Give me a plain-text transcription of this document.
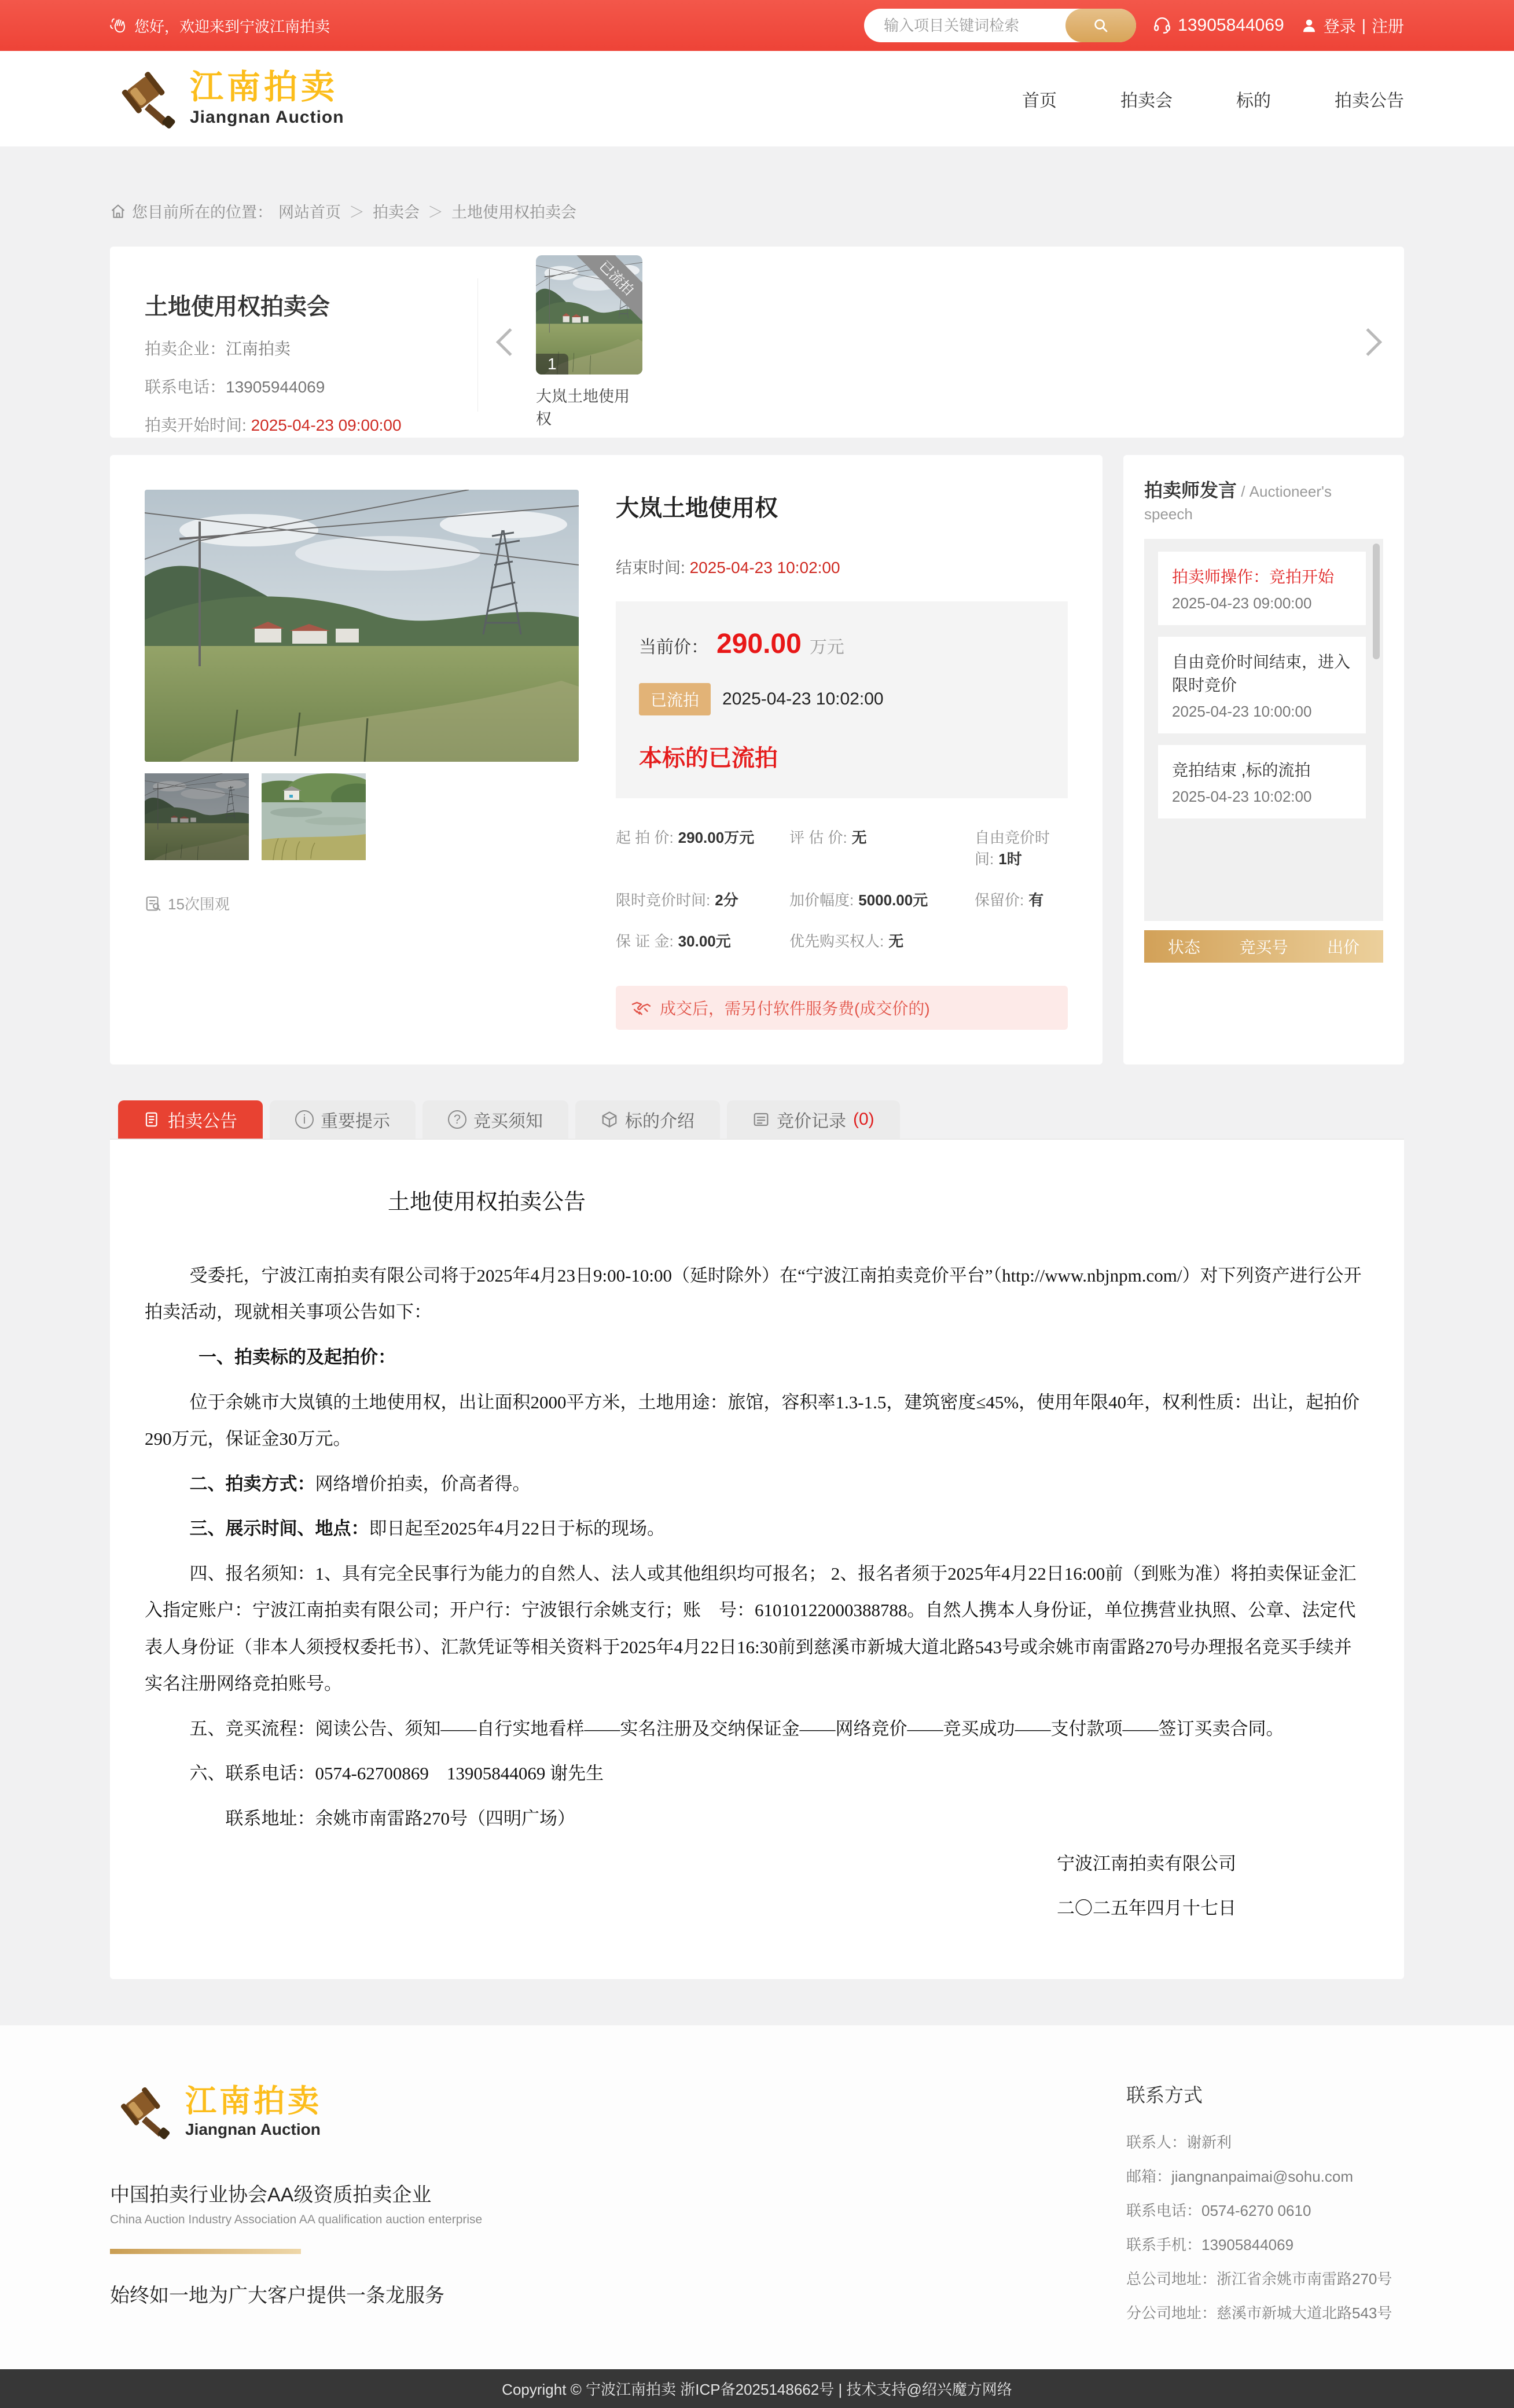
您好，欢迎来到宁波江南拍卖
输入项目关键词检索	13905844069 登录 | 注册
江南拍卖
Jiangnan Auction
首页	拍卖会	标的	拍卖公告
您目前所在的位置： 网站首页 ＞ 拍卖会 ＞ 土地使用权拍卖会
土地使用权拍卖会
拍卖企业：江南拍卖
联系电话：13905944069
拍卖开始时间: 2025-04-23 09:00:00
已流拍
1
大岚土地使用权
15次围观
大岚土地使用权
结束时间: 2025-04-23 10:02:00
当前价： 290.00 万元
已流拍	2025-04-23 10:02:00
本标的已流拍
起 拍 价: 290.00万元	评 估 价: 无	自由竞价时间: 1时
限时竞价时间: 2分	加价幅度: 5000.00元	保留价: 有
保 证 金: 30.00元	优先购买权人: 无
成交后，需另付软件服务费(成交价的)
拍卖师发言 / Auctioneer's speech
拍卖师操作：竞拍开始
2025-04-23 09:00:00
自由竞价时间结束，进入限时竞价
2025-04-23 10:00:00
竞拍结束 ,标的流拍
2025-04-23 10:02:00
状态	竞买号	出价
拍卖公告	i 重要提示	? 竞买须知	标的介绍	竞价记录 (0)
土地使用权拍卖公告

受委托，宁波江南拍卖有限公司将于2025年4月23日9:00-10:00（延时除外）在“宁波江南拍卖竞价平台”（http://www.nbjnpm.com/）对下列资产进行公开拍卖活动，现就相关事项公告如下：

一、拍卖标的及起拍价：

位于余姚市大岚镇的土地使用权，出让面积2000平方米，土地用途：旅馆，容积率1.3-1.5，建筑密度≤45%，使用年限40年，权利性质：出让，起拍价290万元，保证金30万元。

二、拍卖方式：网络增价拍卖，价高者得。

三、展示时间、地点：即日起至2025年4月22日于标的现场。

四、报名须知：1、具有完全民事行为能力的自然人、法人或其他组织均可报名； 2、报名者须于2025年4月22日16:00前（到账为准）将拍卖保证金汇入指定账户：宁波江南拍卖有限公司；开户行：宁波银行余姚支行；账　号：61010122000388788。自然人携本人身份证，单位携营业执照、公章、法定代表人身份证（非本人须授权委托书）、汇款凭证等相关资料于2025年4月22日16:30前到慈溪市新城大道北路543号或余姚市南雷路270号办理报名竞买手续并实名注册网络竞拍账号。

五、竞买流程：阅读公告、须知——自行实地看样——实名注册及交纳保证金——网络竞价——竞买成功——支付款项——签订买卖合同。

六、联系电话：0574-62700869　13905844069 谢先生

联系地址：余姚市南雷路270号（四明广场）

宁波江南拍卖有限公司

二〇二五年四月十七日

江南拍卖
Jiangnan Auction
中国拍卖行业协会AA级资质拍卖企业
China Auction Industry Association AA qualification auction enterprise
始终如一地为广大客户提供一条龙服务
联系方式
联系人：谢新利
邮箱：jiangnanpaimai@sohu.com
联系电话：0574-6270 0610
联系手机：13905844069
总公司地址：浙江省余姚市南雷路270号
分公司地址：慈溪市新城大道北路543号
Copyright © 宁波江南拍卖 浙ICP备2025148662号 | 技术支持@绍兴魔方网络
